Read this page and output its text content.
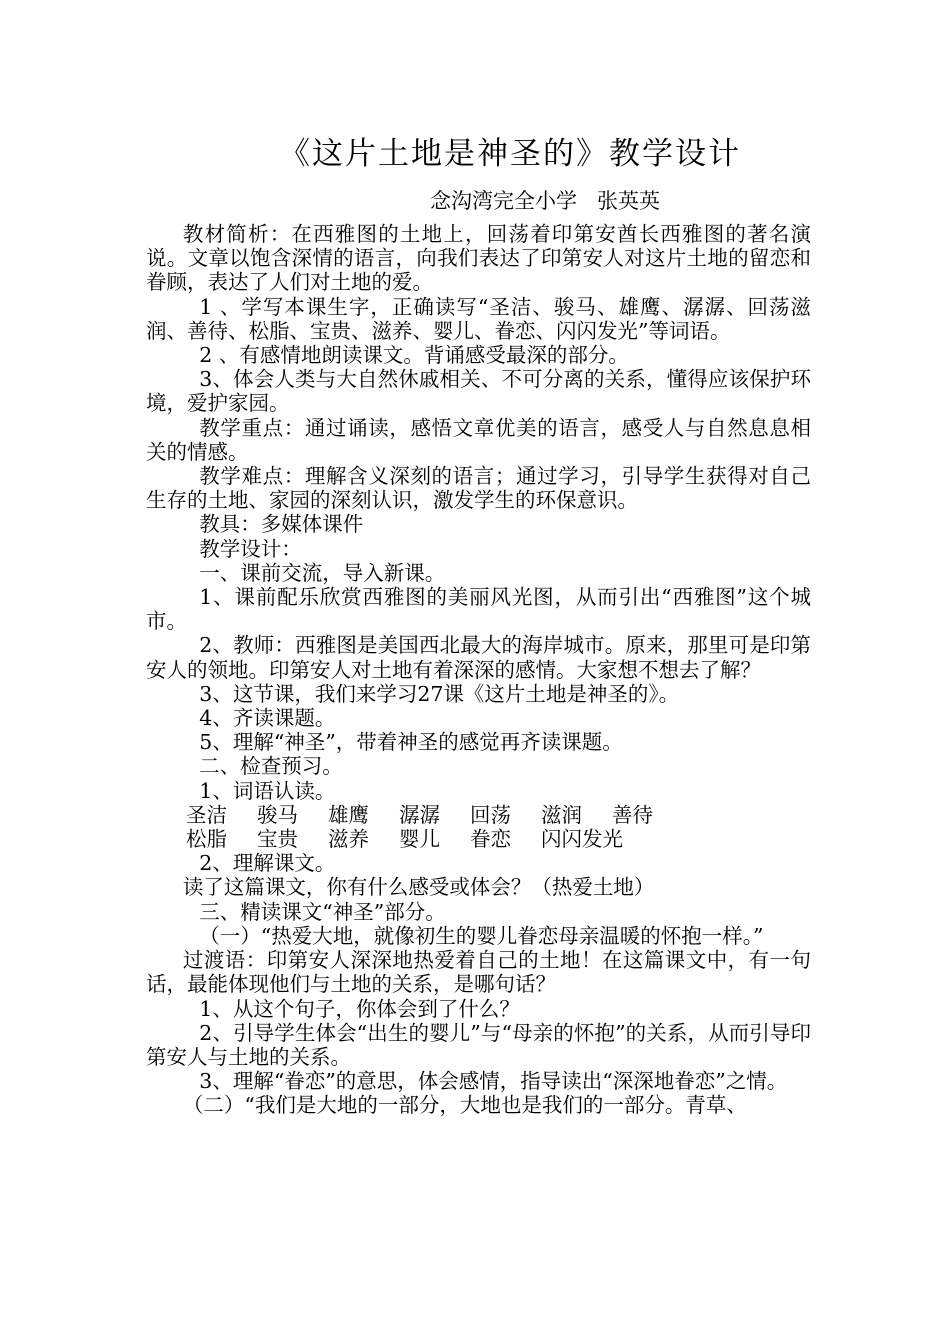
《这片土地是神圣的》教学设计
念沟湾完全小学   张英英

教材简析：在西雅图的土地上，回荡着印第安酋长西雅图的著名演说。文章以饱含深情的语言，向我们表达了印第安人对这片土地的留恋和眷顾，表达了人们对土地的爱。

1 、学写本课生字，正确读写“圣洁、骏马、雄鹰、潺潺、回荡滋润、善待、松脂、宝贵、滋养、婴儿、眷恋、闪闪发光”等词语。

2 、有感情地朗读课文。背诵感受最深的部分。

3、体会人类与大自然休戚相关、不可分离的关系，懂得应该保护环境，爱护家园。

教学重点：通过诵读，感悟文章优美的语言，感受人与自然息息相关的情感。

教学难点：理解含义深刻的语言；通过学习，引导学生获得对自己生存的土地、家园的深刻认识，激发学生的环保意识。

教具：多媒体课件

教学设计：

一、课前交流，导入新课。

1、课前配乐欣赏西雅图的美丽风光图，从而引出“西雅图”这个城市。

2、教师：西雅图是美国西北最大的海岸城市。原来，那里可是印第安人的领地。印第安人对土地有着深深的感情。大家想不想去了解？

3、这节课，我们来学习27课《这片土地是神圣的》。

4、齐读课题。

5、理解“神圣”，带着神圣的感觉再齐读课题。

二、检查预习。

1、词语认读。

圣洁 骏马 雄鹰 潺潺 回荡 滋润 善待

松脂 宝贵 滋养 婴儿 眷恋 闪闪发光

2、理解课文。

读了这篇课文，你有什么感受或体会？（热爱土地）

三、精读课文“神圣”部分。

（一）“热爱大地，就像初生的婴儿眷恋母亲温暖的怀抱一样。”

过渡语：印第安人深深地热爱着自己的土地！在这篇课文中，有一句话，最能体现他们与土地的关系，是哪句话？

1、从这个句子，你体会到了什么？

2、引导学生体会“出生的婴儿”与“母亲的怀抱”的关系，从而引导印第安人与土地的关系。

3、理解“眷恋”的意思，体会感情，指导读出“深深地眷恋”之情。

（二）“我们是大地的一部分，大地也是我们的一部分。青草、
